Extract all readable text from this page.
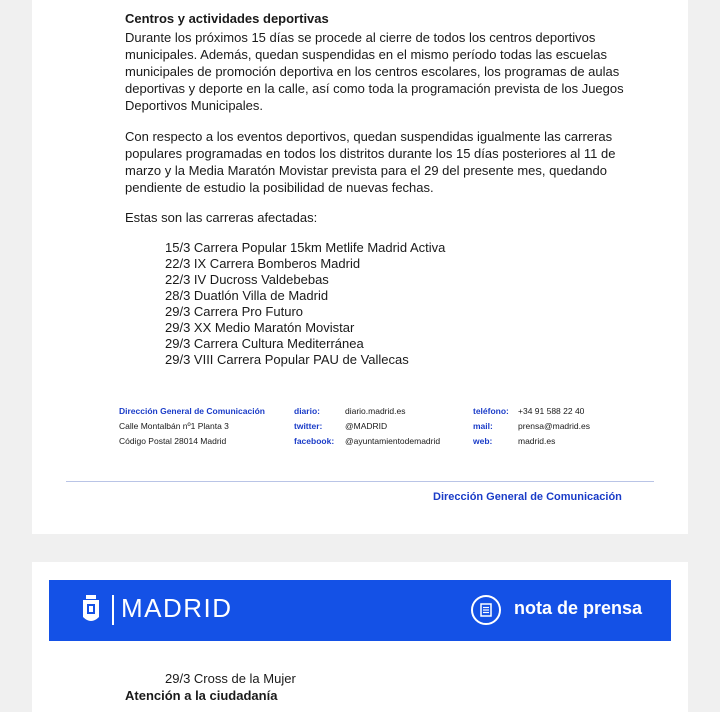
Centros y actividades deportivas

Durante los próximos 15 días se procede al cierre de todos los centros deportivos municipales. Además, quedan suspendidas en el mismo período todas las escuelas municipales de promoción deportiva en los centros escolares, los programas de aulas deportivas y deporte en la calle, así como toda la programación prevista de los Juegos Deportivos Municipales.

Con respecto a los eventos deportivos, quedan suspendidas igualmente las carreras populares programadas en todos los distritos durante los 15 días posteriores al 11 de marzo y la Media Maratón Movistar prevista para el 29 del presente mes, quedando pendiente de estudio la posibilidad de nuevas fechas.

Estas son las carreras afectadas:

15/3 Carrera Popular 15km Metlife Madrid Activa
22/3 IX Carrera Bomberos Madrid
22/3 IV Ducross Valdebebas
28/3 Duatlón Villa de Madrid
29/3 Carrera Pro Futuro
29/3 XX Medio Maratón Movistar
29/3 Carrera Cultura Mediterránea
29/3 VIII Carrera Popular PAU de Vallecas
Dirección General de Comunicación
Calle Montalbán nº1 Planta 3
Código Postal 28014 Madrid
diario:
twitter:
facebook:
diario.madrid.es
@MADRID
@ayuntamientodemadrid
teléfono:
mail:
web:
+34 91 588 22 40
prensa@madrid.es
madrid.es
Dirección General de Comunicación
MADRID	nota de prensa
29/3 Cross de la Mujer
Atención a la ciudadanía
